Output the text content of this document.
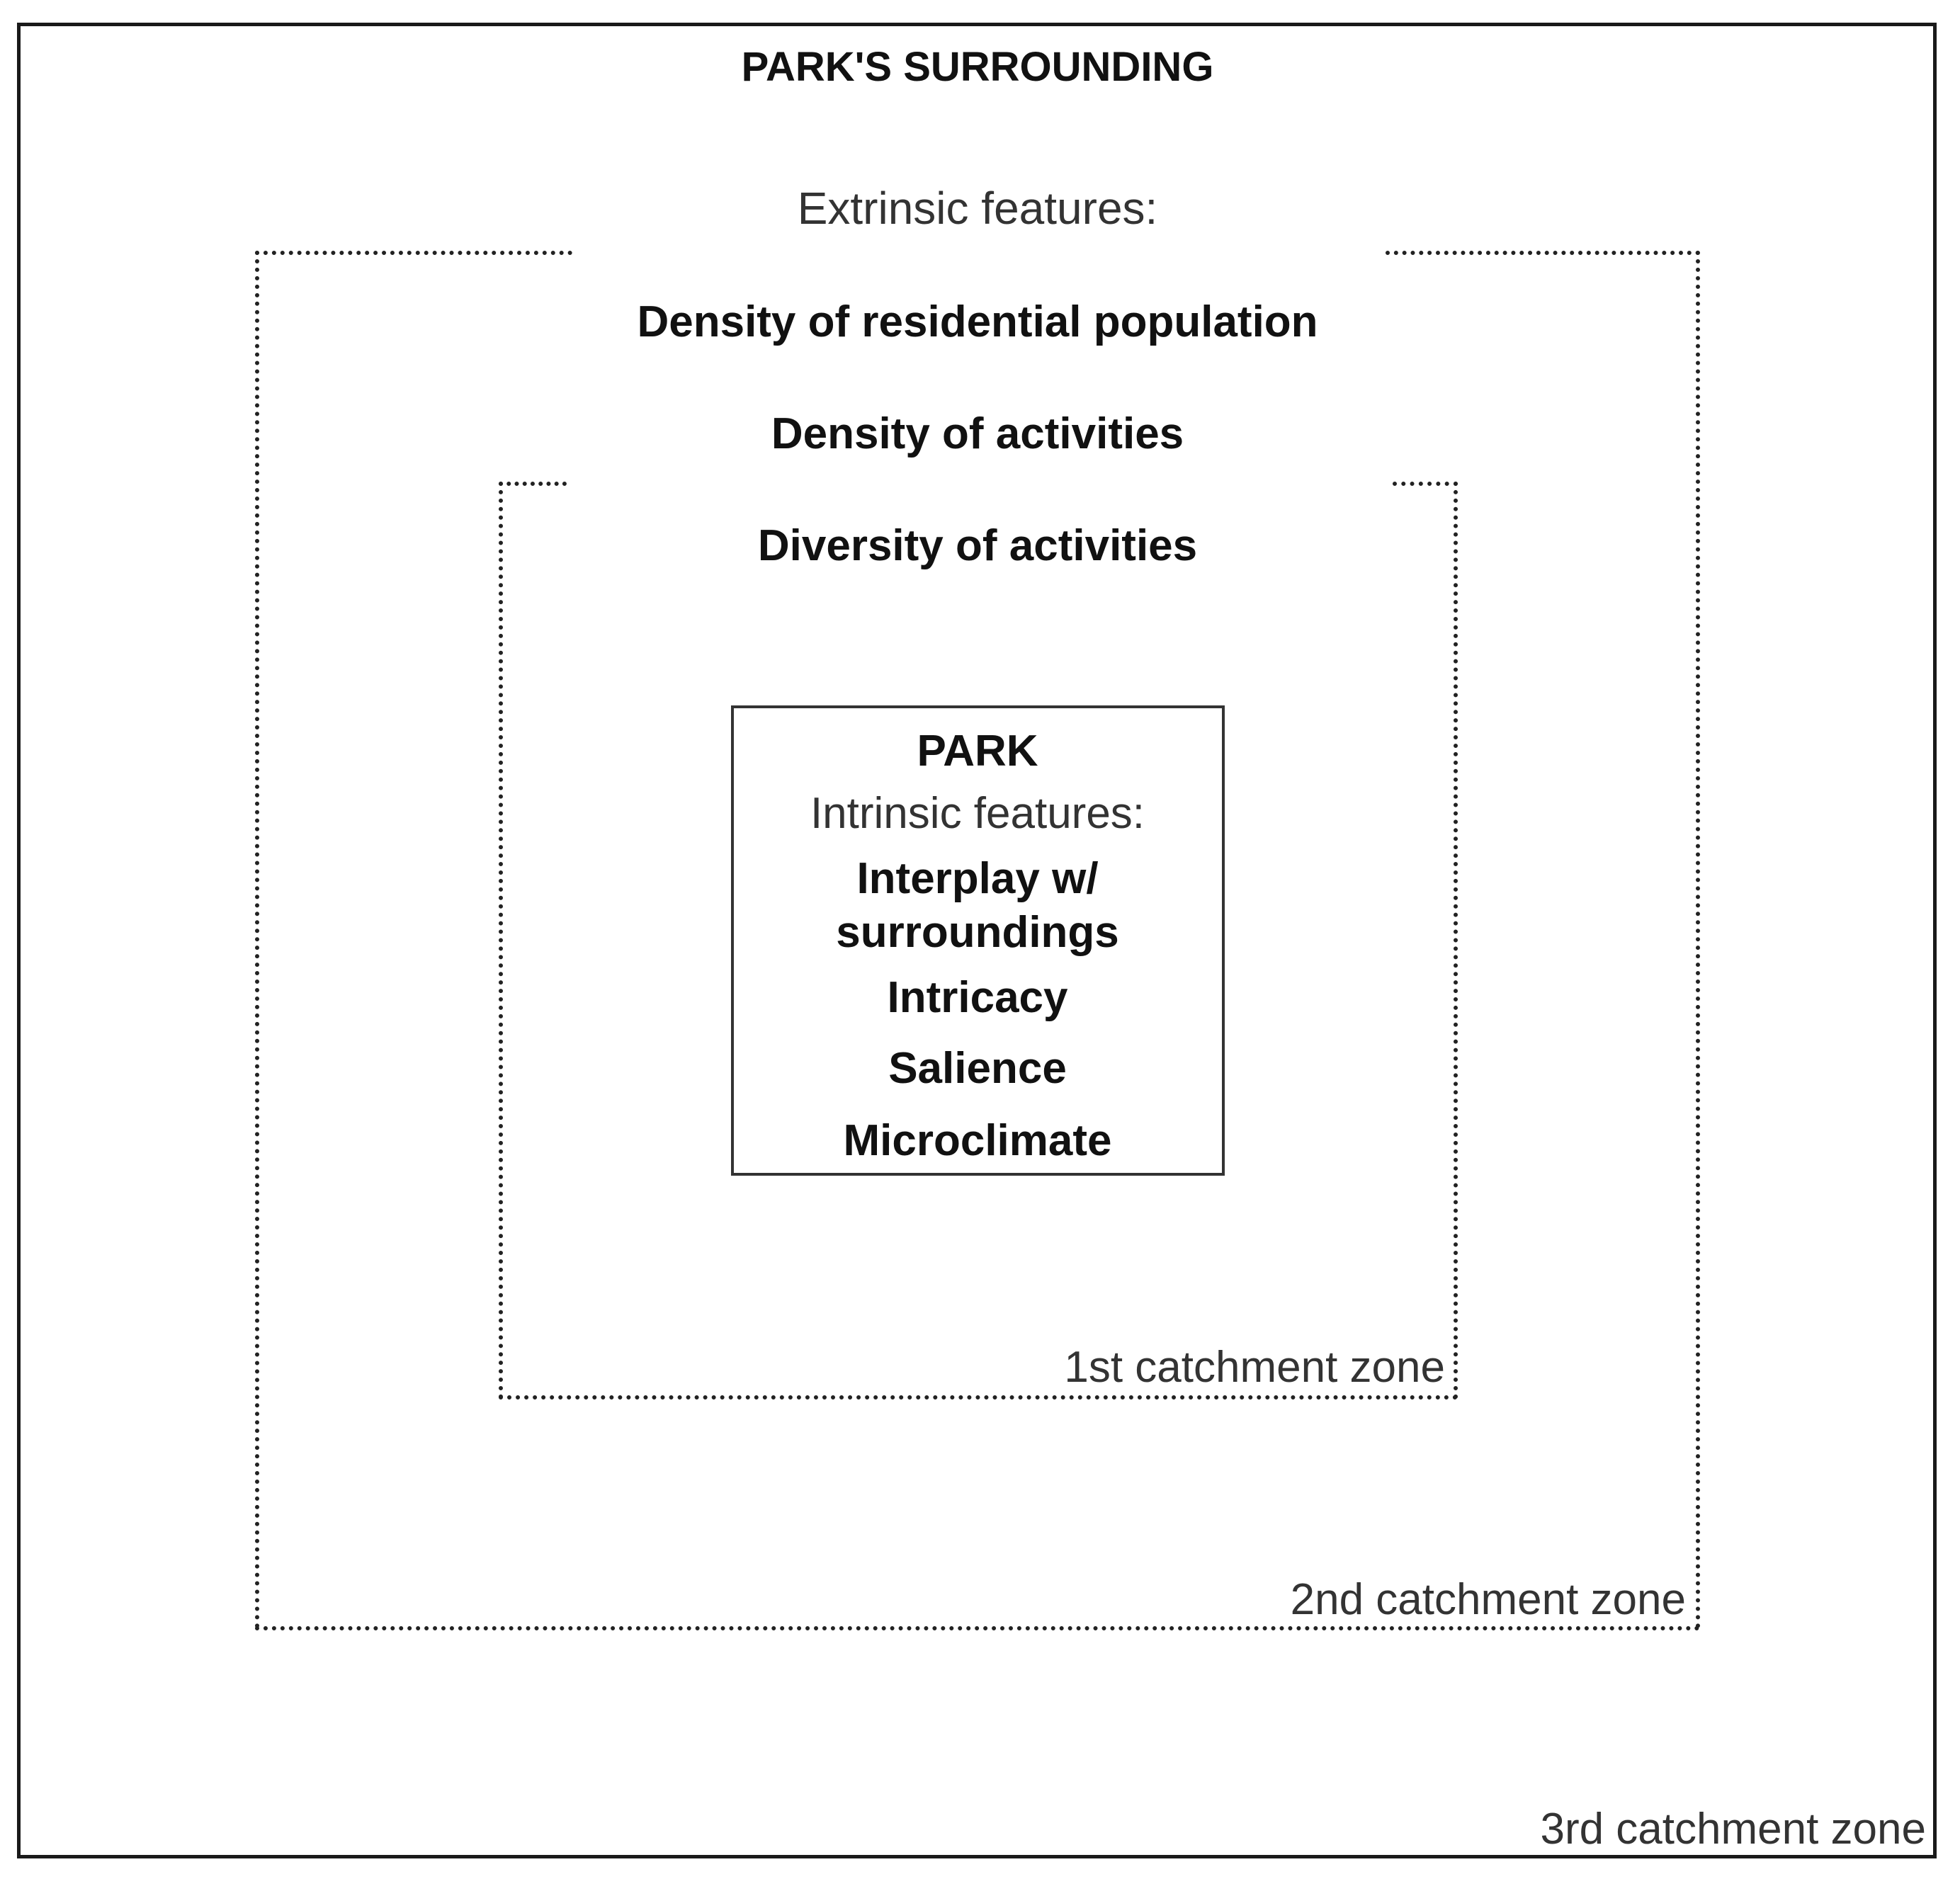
PARK'S SURROUNDING
Extrinsic features:
Density of residential population
Density of activities
Diversity of activities
PARK
Intrinsic features:
Interplay w/
surroundings
Intricacy
Salience
Microclimate
1st catchment zone
2nd catchment zone
3rd catchment zone
